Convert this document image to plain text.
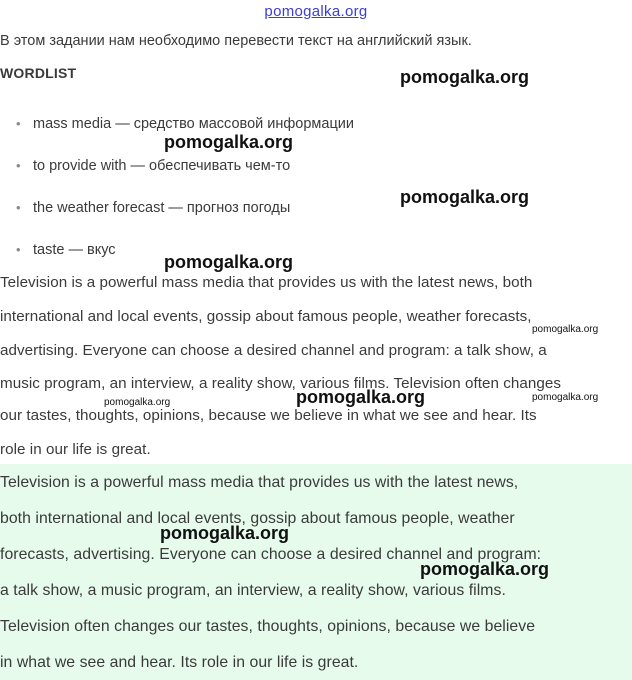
pomogalka.org
В этом задании нам необходимо перевести текст на английский язык.
WORDLIST
• mass media — средство массовой информации
• to provide with — обеспечивать чем-то
• the weather forecast — прогноз погоды
• taste — вкус
Television is a powerful mass media that provides us with the latest news, both
international and local events, gossip about famous people, weather forecasts,
advertising. Everyone can choose a desired channel and program: a talk show, a
music program, an interview, a reality show, various films. Television often changes
our tastes, thoughts, opinions, because we believe in what we see and hear. Its
role in our life is great.
Television is a powerful mass media that provides us with the latest news,
both international and local events, gossip about famous people, weather
forecasts, advertising. Everyone can choose a desired channel and program:
a talk show, a music program, an interview, a reality show, various films.
Television often changes our tastes, thoughts, opinions, because we believe
in what we see and hear. Its role in our life is great.
pomogalka.org
pomogalka.org
pomogalka.org
pomogalka.org
pomogalka.org
pomogalka.org
pomogalka.org	pomogalka.org
pomogalka.org
pomogalka.org
